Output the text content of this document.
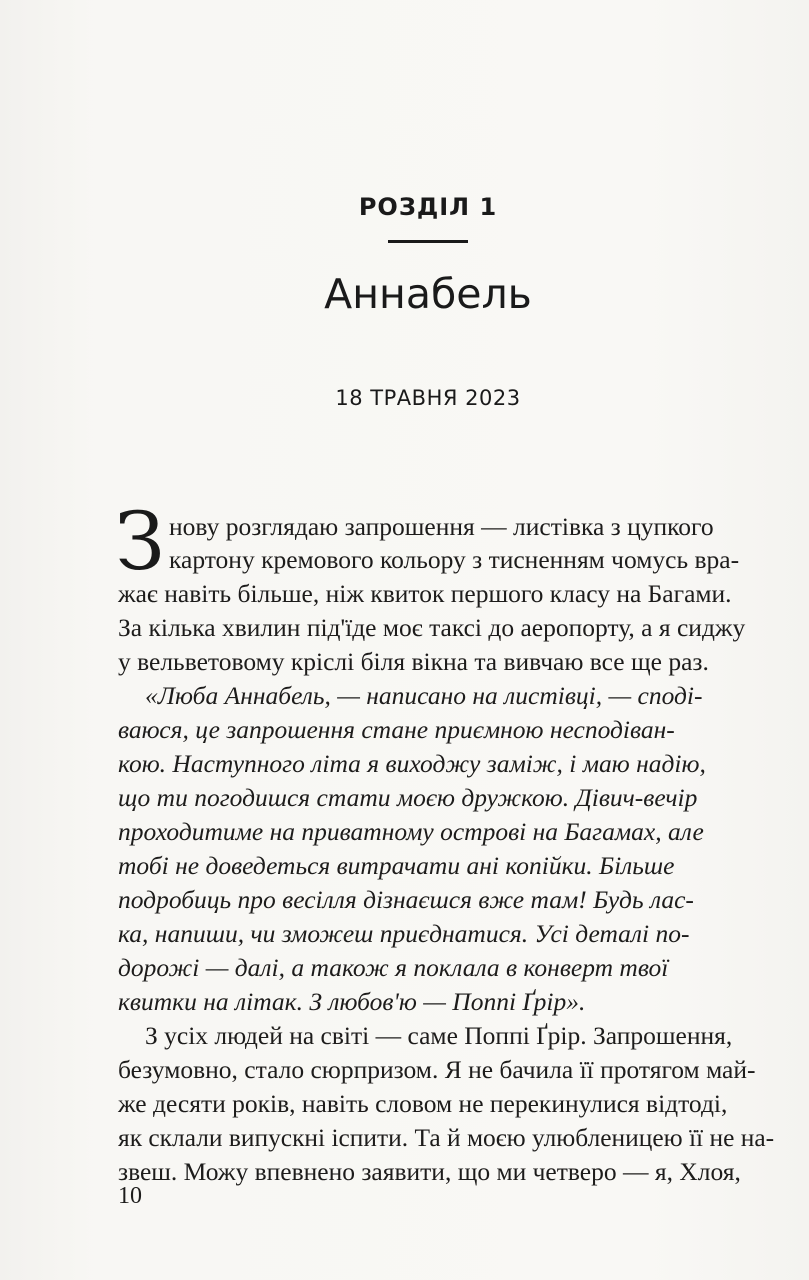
РОЗДІЛ 1
Аннабель
18 ТРАВНЯ 2023
З нову розглядаю запрошення — листівка з цупкого
картону кремового кольору з тисненням чомусь вра-
жає навіть більше, ніж квиток першого класу на Багами.
За кілька хвилин під'їде моє таксі до аеропорту, а я сиджу
у вельветовому кріслі біля вікна та вивчаю все ще раз.
«Люба Аннабель, — написано на листівці, — сподi-
ваюся, це запрошення стане приємною несподіван-
кою. Наступного літа я виходжу заміж, і маю надію,
що ти погодишся стати моєю дружкою. Дівич-вечір
проходитиме на приватному острові на Багамах, але
тобі не доведеться витрачати ані копійки. Більше
подробиць про весілля дізнаєшся вже там! Будь лас-
ка, напиши, чи зможеш приєднатися. Усі деталі по-
дорожі — далі, а також я поклала в конверт твої
квитки на літак. З любов'ю — Поппі Ґрір».
З усіх людей на світі — саме Поппі Ґрір. Запрошення,
безумовно, стало сюрпризом. Я не бачила її протягом май-
же десяти років, навіть словом не перекинулися відтоді,
як склали випускні іспити. Та й моєю улюбленицею її не на-
звеш. Можу впевнено заявити, що ми четверо — я, Хлоя,
10
